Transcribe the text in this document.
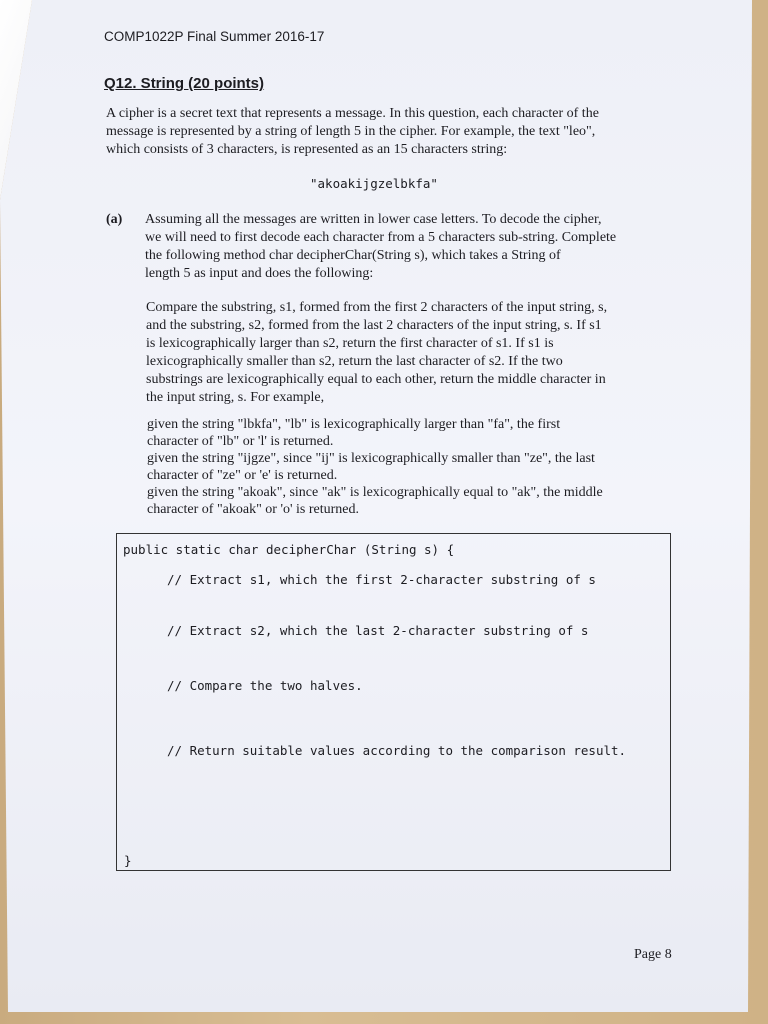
COMP1022P Final Summer 2016-17
Q12. String (20 points)
A cipher is a secret text that represents a message. In this question, each character of the
message is represented by a string of length 5 in the cipher. For example, the text "leo",
which consists of 3 characters, is represented as an 15 characters string:
"akoakijgzelbkfa"
(a) Assuming all the messages are written in lower case letters. To decode the cipher,
we will need to first decode each character from a 5 characters sub-string. Complete
the following method char decipherChar(String s), which takes a String of
length 5 as input and does the following:
Compare the substring, s1, formed from the first 2 characters of the input string, s,
and the substring, s2, formed from the last 2 characters of the input string, s. If s1
is lexicographically larger than s2, return the first character of s1. If s1 is
lexicographically smaller than s2, return the last character of s2. If the two
substrings are lexicographically equal to each other, return the middle character in
the input string, s. For example,
given the string "lbkfa", "lb" is lexicographically larger than "fa", the first
character of "lb" or 'l' is returned.
given the string "ijgze", since "ij" is lexicographically smaller than "ze", the last
character of "ze" or 'e' is returned.
given the string "akoak", since "ak" is lexicographically equal to "ak", the middle
character of "akoak" or 'o' is returned.
public static char decipherChar (String s) {
// Extract s1, which the first 2-character substring of s
// Extract s2, which the last 2-character substring of s
// Compare the two halves.
// Return suitable values according to the comparison result.
}
Page 8
